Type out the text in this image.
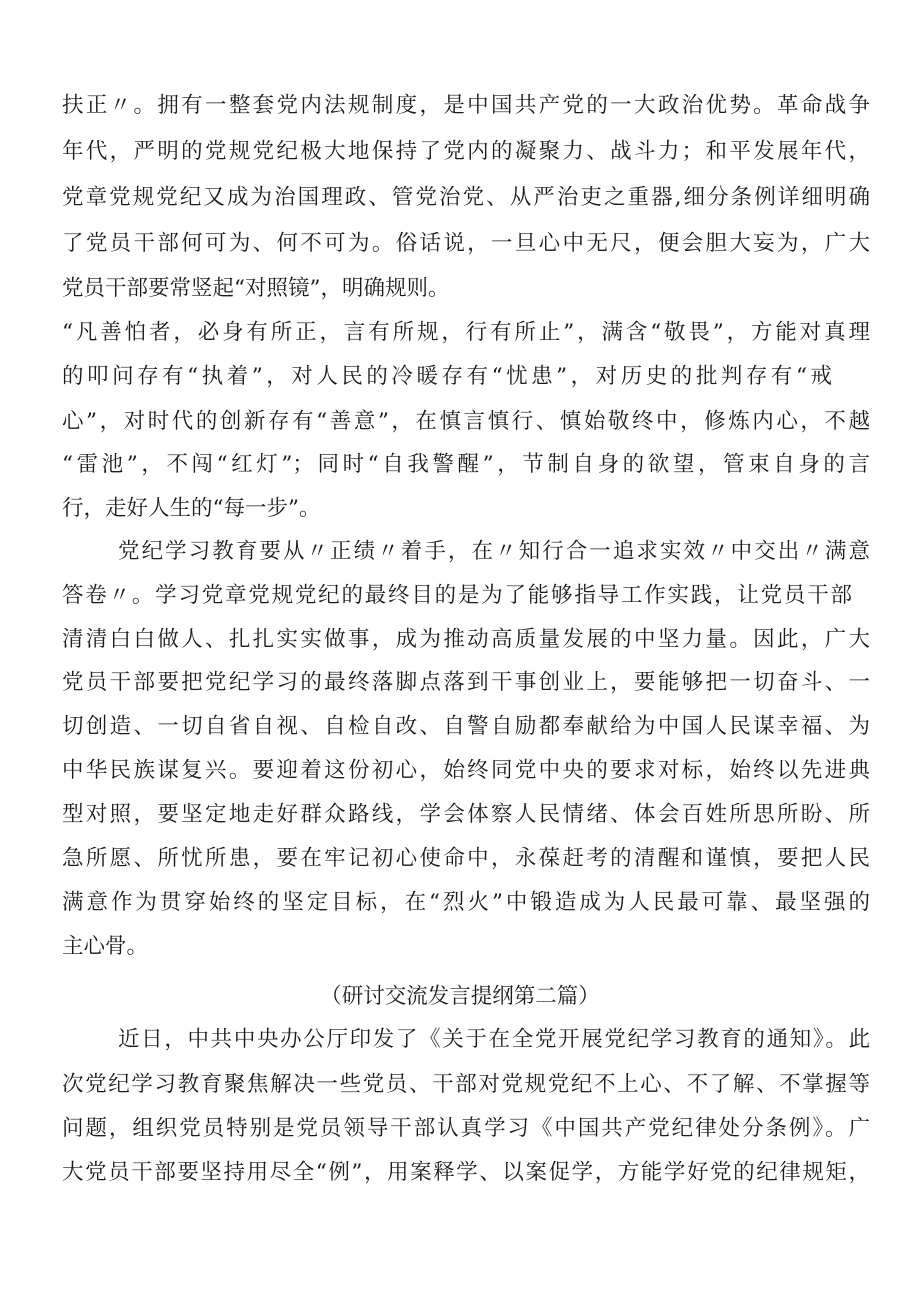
扶正〃。拥有一整套党内法规制度，是中国共产党的一大政治优势。革命战争
年代，严明的党规党纪极大地保持了党内的凝聚力、战斗力；和平发展年代，
党章党规党纪又成为治国理政、管党治党、从严治吏之重器,细分条例详细明确
了党员干部何可为、何不可为。俗话说，一旦心中无尺，便会胆大妄为，广大
党员干部要常竖起“对照镜”，明确规则。
“凡善怕者，必身有所正，言有所规，行有所止”，满含“敬畏”，方能对真理
的叩问存有“执着”，对人民的冷暖存有“忧患”，对历史的批判存有“戒
心”，对时代的创新存有“善意”，在慎言慎行、慎始敬终中，修炼内心，不越
“雷池”，不闯“红灯”；同时“自我警醒”，节制自身的欲望，管束自身的言
行，走好人生的“每一步”。
党纪学习教育要从〃正绩〃着手，在〃知行合一追求实效〃中交出〃满意
答卷〃。学习党章党规党纪的最终目的是为了能够指导工作实践，让党员干部
清清白白做人、扎扎实实做事，成为推动高质量发展的中坚力量。因此，广大
党员干部要把党纪学习的最终落脚点落到干事创业上，要能够把一切奋斗、一
切创造、一切自省自视、自检自改、自警自励都奉献给为中国人民谋幸福、为
中华民族谋复兴。要迎着这份初心，始终同党中央的要求对标，始终以先进典
型对照，要坚定地走好群众路线，学会体察人民情绪、体会百姓所思所盼、所
急所愿、所忧所患，要在牢记初心使命中，永葆赶考的清醒和谨慎，要把人民
满意作为贯穿始终的坚定目标，在“烈火”中锻造成为人民最可靠、最坚强的
主心骨。
（研讨交流发言提纲第二篇）
近日，中共中央办公厅印发了《关于在全党开展党纪学习教育的通知》。此
次党纪学习教育聚焦解决一些党员、干部对党规党纪不上心、不了解、不掌握等
问题，组织党员特别是党员领导干部认真学习《中国共产党纪律处分条例》。广
大党员干部要坚持用尽全“例”，用案释学、以案促学，方能学好党的纪律规矩，
